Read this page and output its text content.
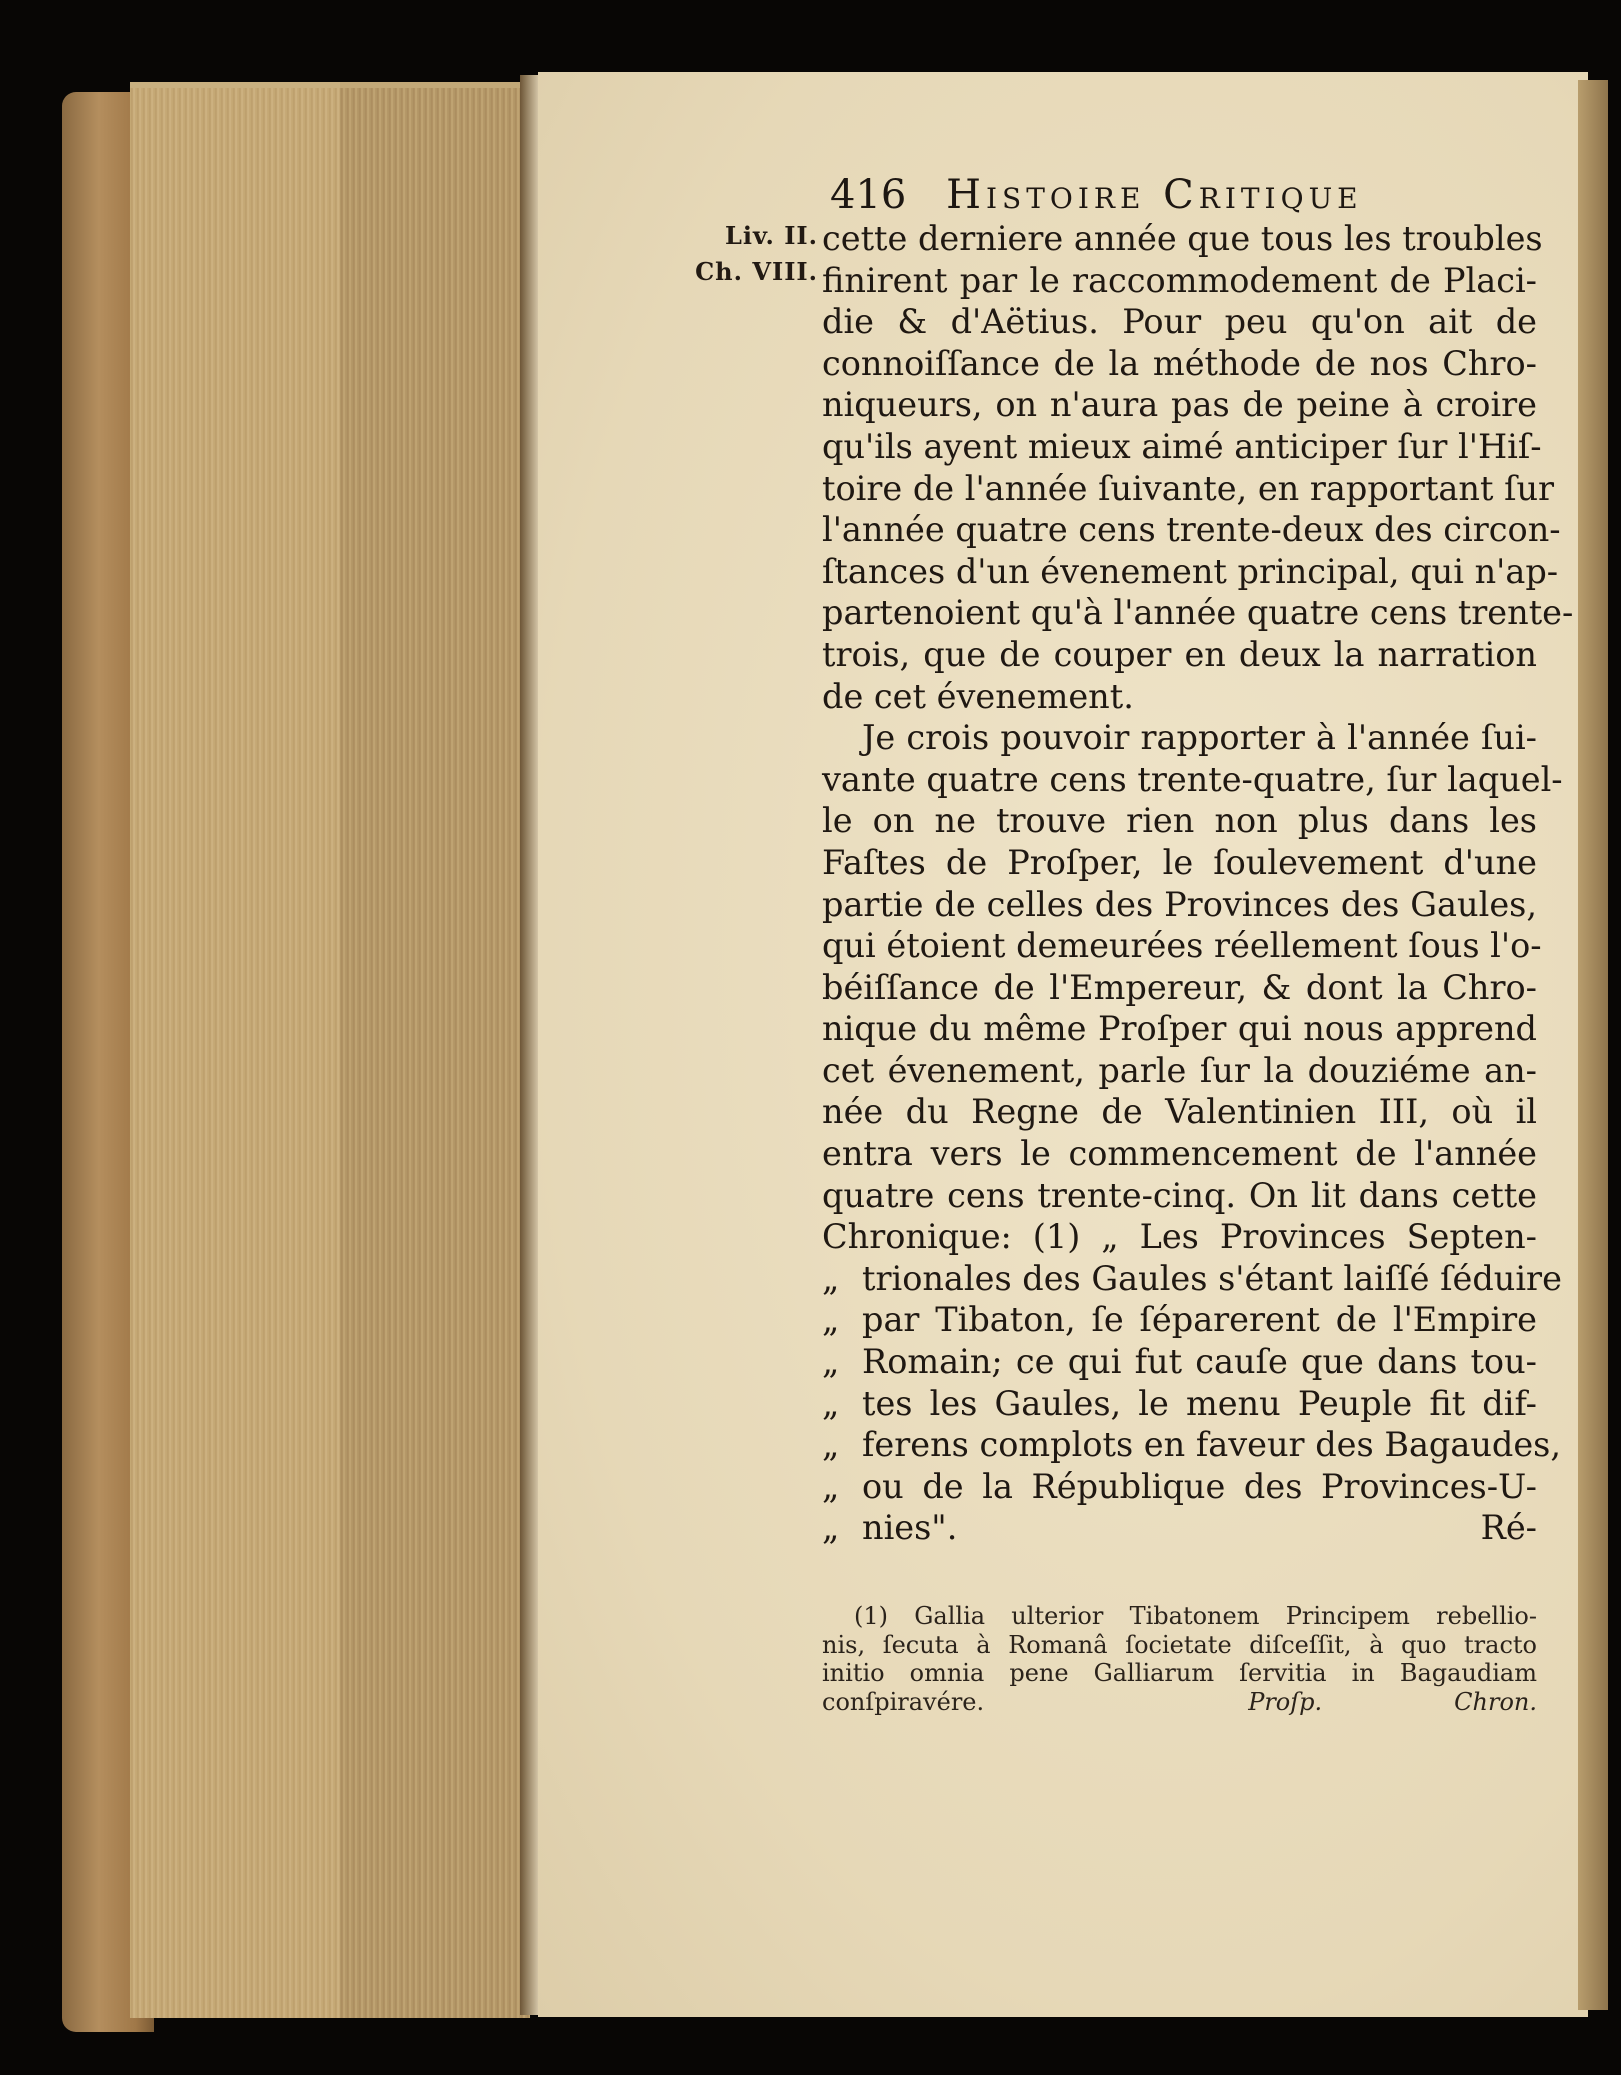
416 Histoire Critique
Liv. II.
Ch. VIII.
cette derniere année que tous les troubles
finirent par le raccommodement de Placi-
die & d'Aëtius. Pour peu qu'on ait de
connoiſſance de la méthode de nos Chro-
niqueurs, on n'aura pas de peine à croire
qu'ils ayent mieux aimé anticiper ſur l'Hiſ-
toire de l'année ſuivante, en rapportant ſur
l'année quatre cens trente-deux des circon-
ſtances d'un évenement principal, qui n'ap-
partenoient qu'à l'année quatre cens trente-
trois, que de couper en deux la narration
de cet évenement.
Je crois pouvoir rapporter à l'année ſui-
vante quatre cens trente-quatre, ſur laquel-
le on ne trouve rien non plus dans les
Faſtes de Proſper, le ſoulevement d'une
partie de celles des Provinces des Gaules,
qui étoient demeurées réellement ſous l'o-
béiſſance de l'Empereur, & dont la Chro-
nique du même Proſper qui nous apprend
cet évenement, parle ſur la douziéme an-
née du Regne de Valentinien III, où il
entra vers le commencement de l'année
quatre cens trente-cinq. On lit dans cette
Chronique: (1) „ Les Provinces Septen-
„ trionales des Gaules s'étant laiſſé ſéduire
„ par Tibaton, ſe ſéparerent de l'Empire
„ Romain; ce qui fut cauſe que dans tou-
„ tes les Gaules, le menu Peuple fit dif-
„ ferens complots en faveur des Bagaudes,
„ ou de la République des Provinces-U-
„ nies".	Ré-
(1) Gallia ulterior Tibatonem Principem rebellio-
nis, ſecuta à Romanâ ſocietate diſceſſit, à quo tracto
initio omnia pene Galliarum ſervitia in Bagaudiam
conſpiravére.	Proſp. Chron.
